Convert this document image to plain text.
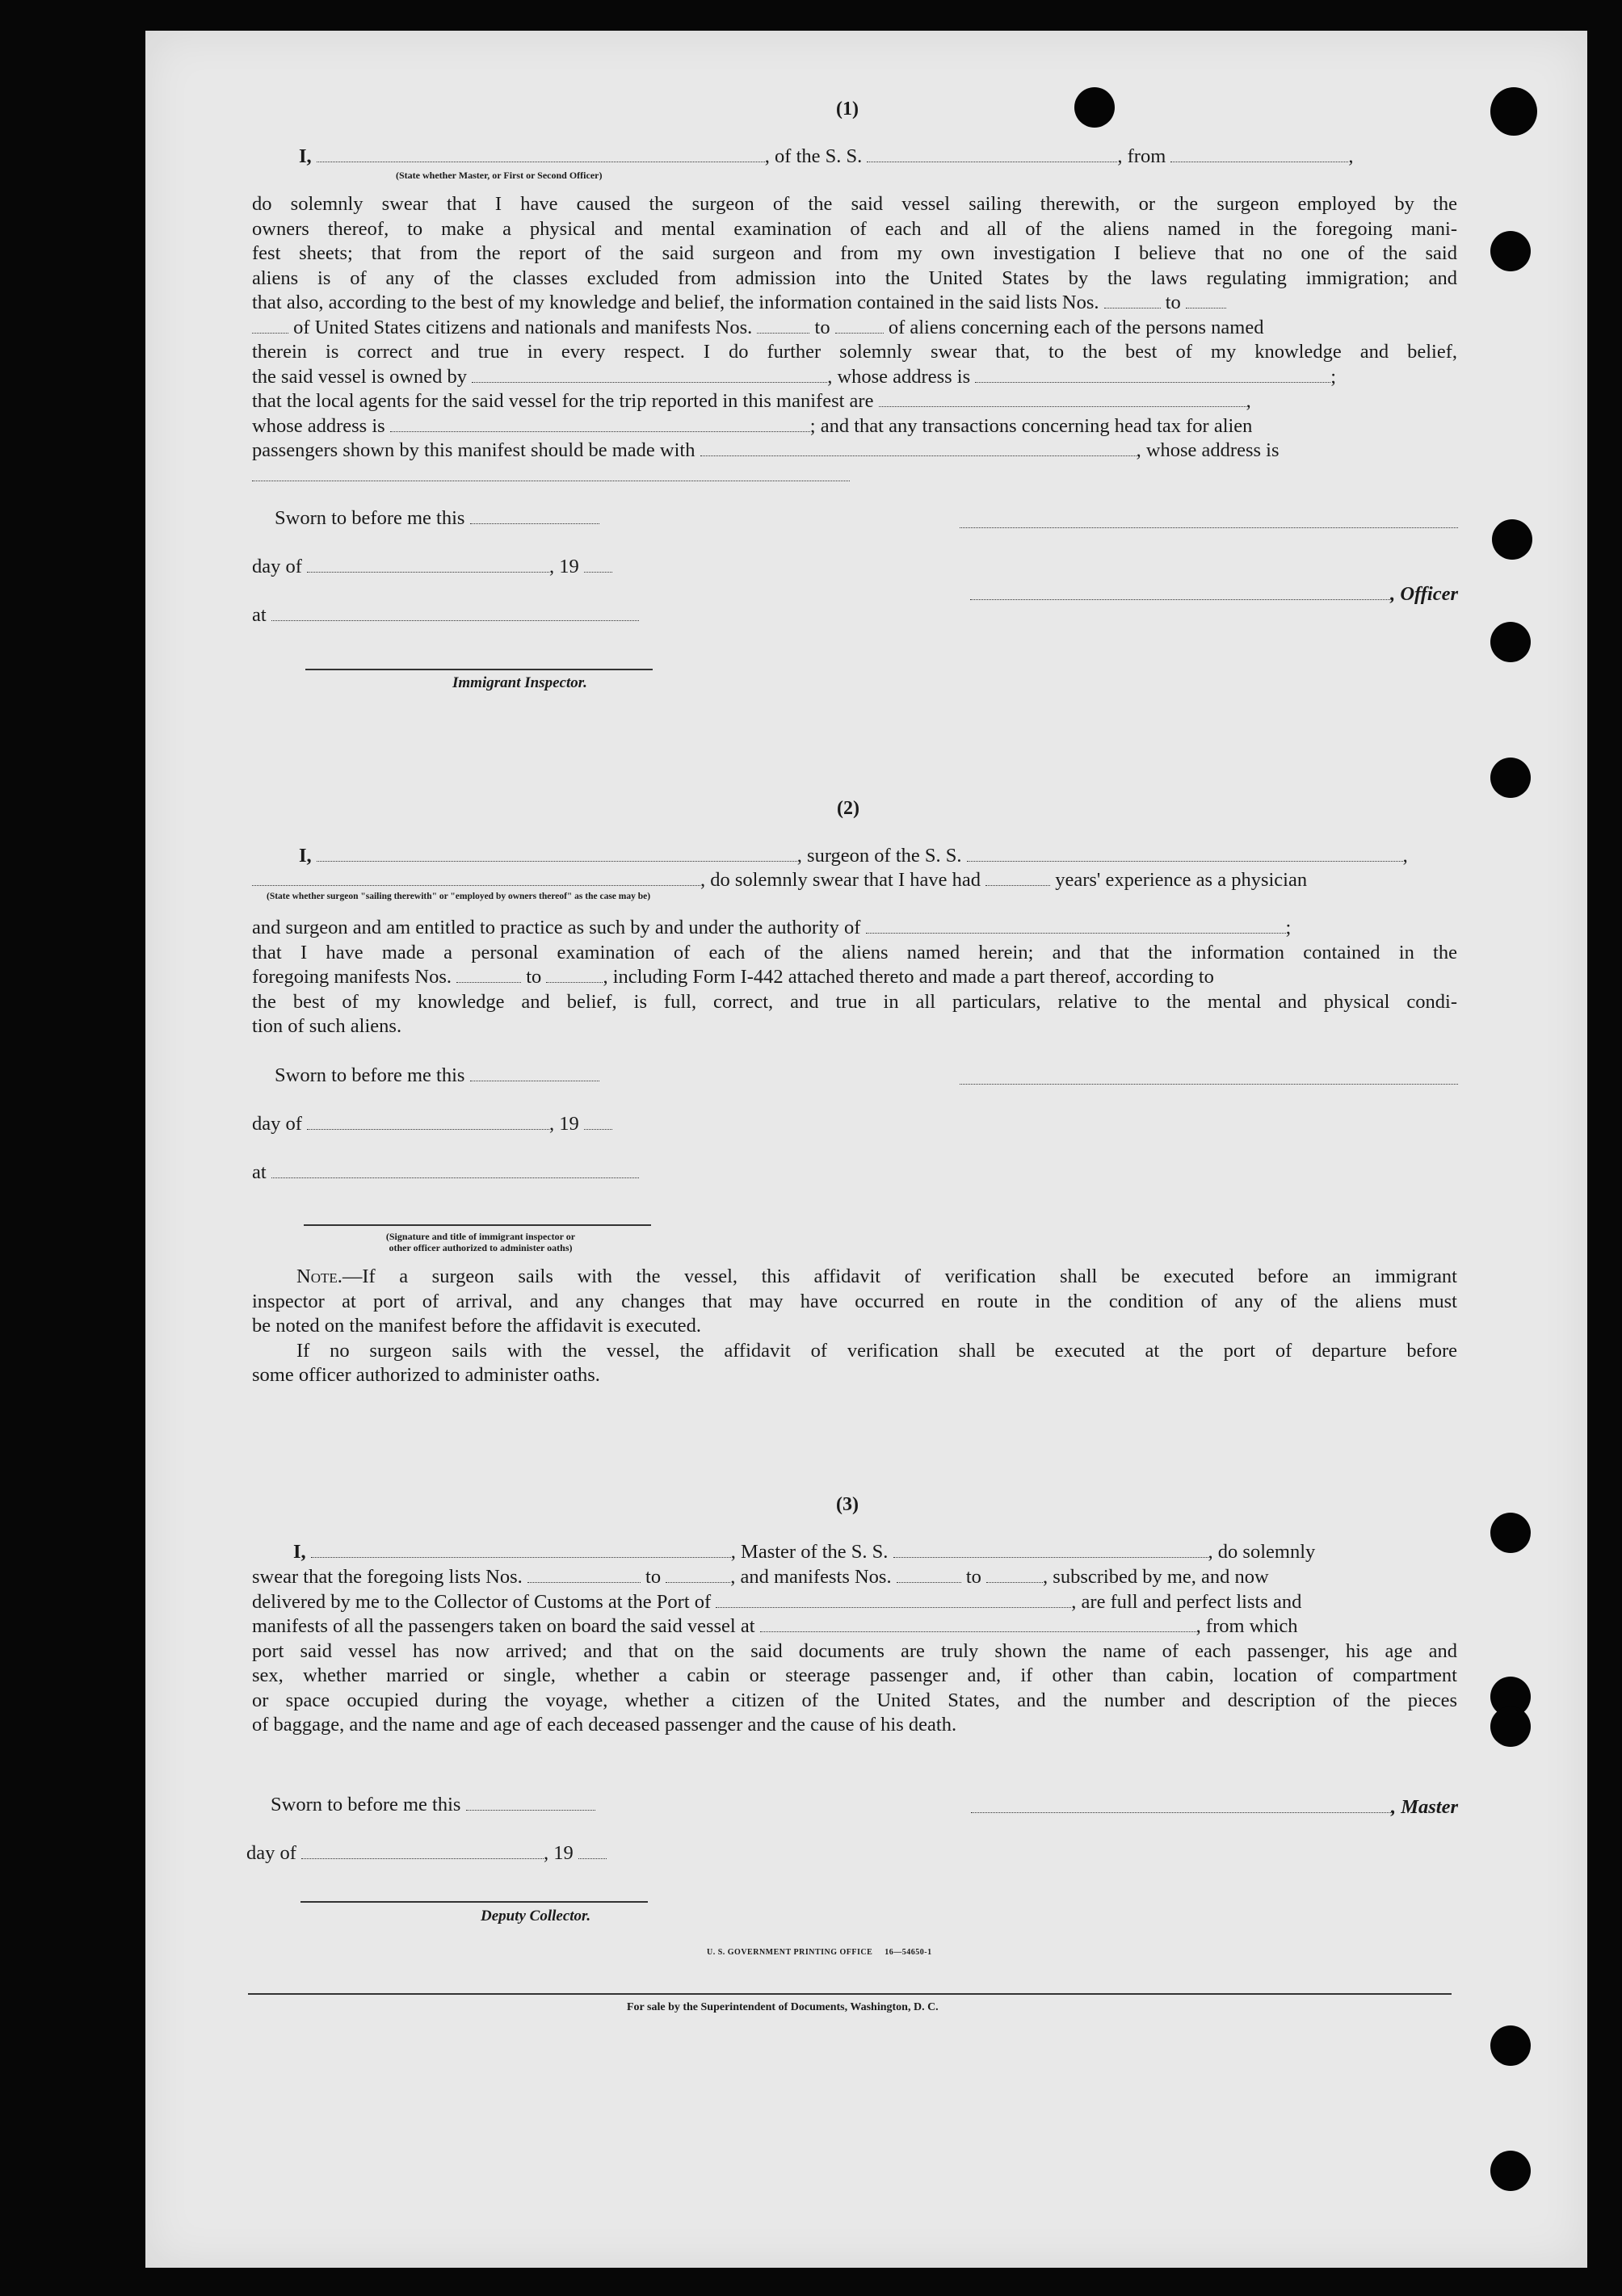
(1)
I,	, of the S. S.	, from	,
(State whether Master, or First or Second Officer)
do solemnly swear that I have caused the surgeon of the said vessel sailing therewith, or the surgeon employed by the
owners thereof, to make a physical and mental examination of each and all of the aliens named in the foregoing mani-
fest sheets; that from the report of the said surgeon and from my own investigation I believe that no one of the said
aliens is of any of the classes excluded from admission into the United States by the laws regulating immigration; and
that also, according to the best of my knowledge and belief, the information contained in the said lists Nos.	to
of United States citizens and nationals and manifests Nos.	to	of aliens concerning each of the persons named
therein is correct and true in every respect. I do further solemnly swear that, to the best of my knowledge and belief,
the said vessel is owned by	, whose address is	;
that the local agents for the said vessel for the trip reported in this manifest are	,
whose address is	; and that any transactions concerning head tax for alien
passengers shown by this manifest should be made with	, whose address is
Sworn to before me this
day of	, 19
, Officer
at
Immigrant Inspector.
(2)
I,	, surgeon of the S. S.	,
, do solemnly swear that I have had	years' experience as a physician
(State whether surgeon "sailing therewith" or "employed by owners thereof" as the case may be)
and surgeon and am entitled to practice as such by and under the authority of	;
that I have made a personal examination of each of the aliens named herein; and that the information contained in the
foregoing manifests Nos.	to	, including Form I-442 attached thereto and made a part thereof, according to
the best of my knowledge and belief, is full, correct, and true in all particulars, relative to the mental and physical condi-
tion of such aliens.
Sworn to before me this
day of	, 19
at
(Signature and title of immigrant inspector or
other officer authorized to administer oaths)
Note.—If a surgeon sails with the vessel, this affidavit of verification shall be executed before an immigrant
inspector at port of arrival, and any changes that may have occurred en route in the condition of any of the aliens must
be noted on the manifest before the affidavit is executed.
If no surgeon sails with the vessel, the affidavit of verification shall be executed at the port of departure before
some officer authorized to administer oaths.
(3)
I,	, Master of the S. S.	, do solemnly
swear that the foregoing lists Nos.	to	, and manifests Nos.	to	, subscribed by me, and now
delivered by me to the Collector of Customs at the Port of	, are full and perfect lists and
manifests of all the passengers taken on board the said vessel at	, from which
port said vessel has now arrived; and that on the said documents are truly shown the name of each passenger, his age and
sex, whether married or single, whether a cabin or steerage passenger and, if other than cabin, location of compartment
or space occupied during the voyage, whether a citizen of the United States, and the number and description of the pieces
of baggage, and the name and age of each deceased passenger and the cause of his death.
Sworn to before me this	, Master
day of	, 19
Deputy Collector.
U. S. GOVERNMENT PRINTING OFFICE     16—54650-1
For sale by the Superintendent of Documents, Washington, D. C.
